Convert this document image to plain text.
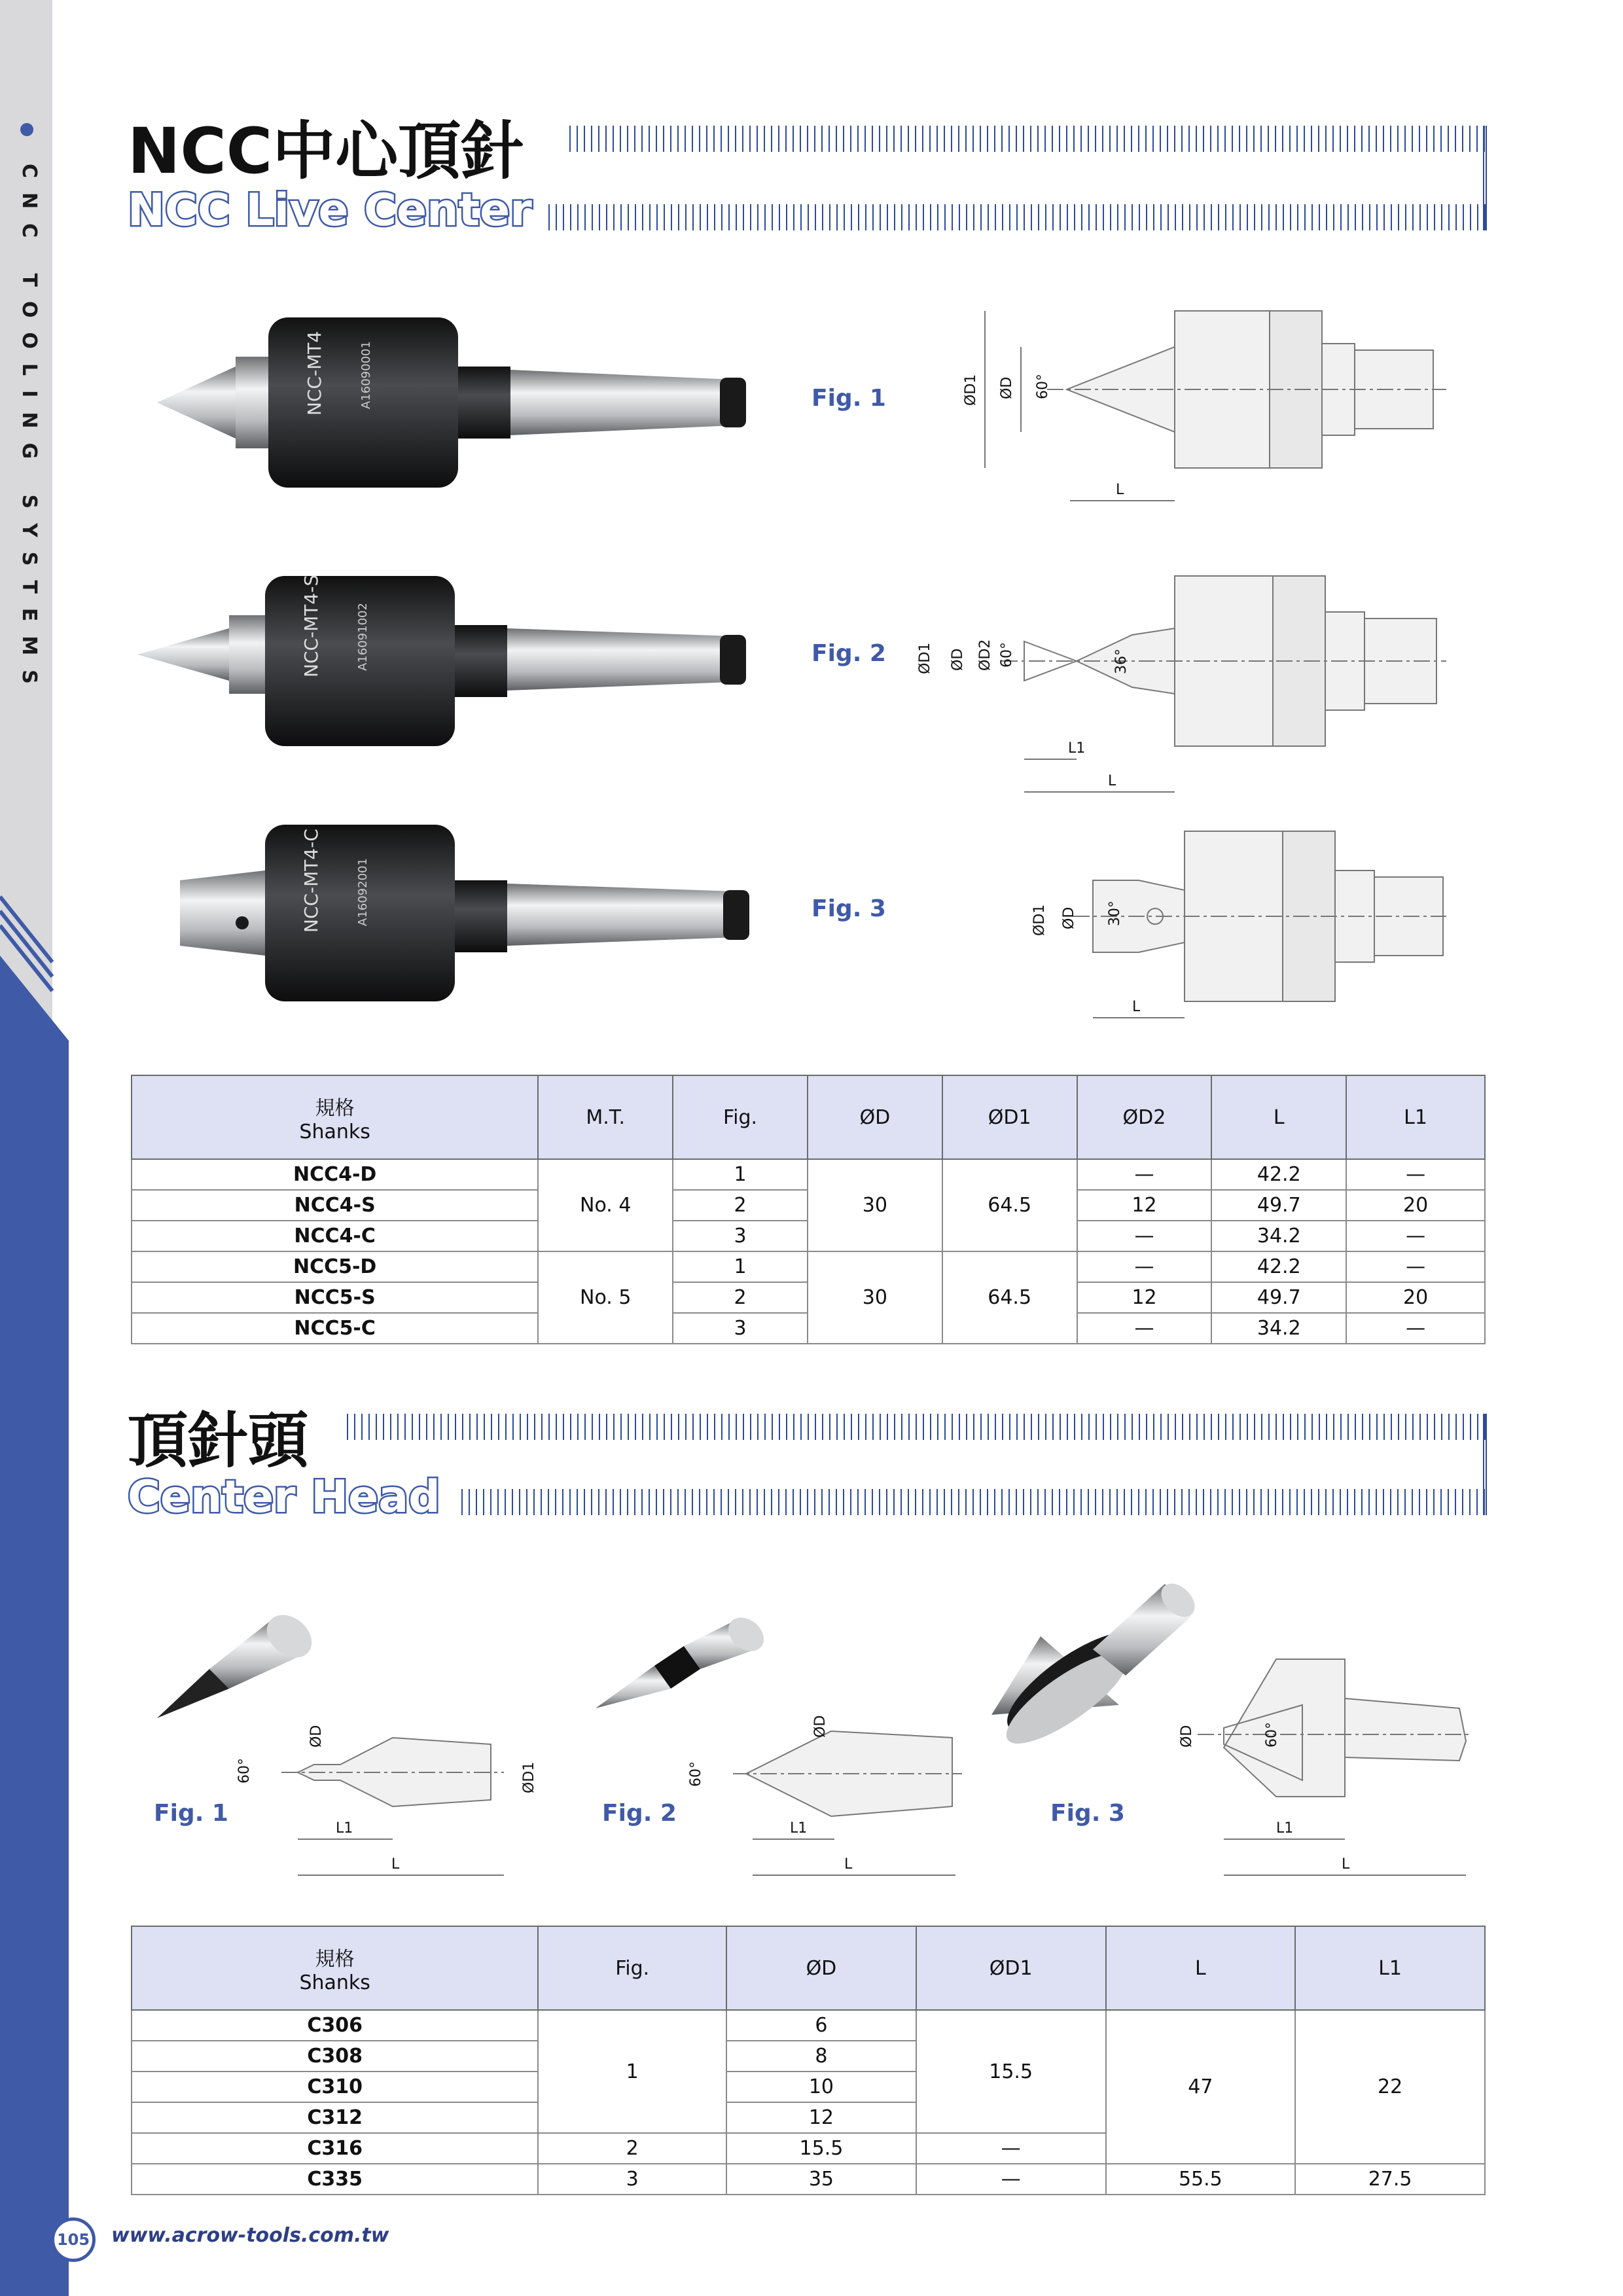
CNC TOOLING SYSTEMS
NCC中心頂針
NCC Live Center
NCC-MT4	A16090001
NCC-MT4-S	A16091002
NCC-MT4-C	A16092001
Fig. 1
Fig. 2
Fig. 3
ØD1 ØD 60°
L
ØD1 ØD ØD2 60°	36°
L1
L
ØD1 ØD 30°
L
規格
Shanks	M.T.	Fig.	ØD	ØD1	ØD2	L	L1
NCC4-D	No. 4	1	30	64.5	—	42.2	—
NCC4-S		2			12	49.7	20
NCC4-C		3			—	34.2	—
NCC5-D	No. 5	1	30	64.5	—	42.2	—
NCC5-S		2			12	49.7	20
NCC5-C		3			—	34.2	—
頂針頭
Center Head
Fig. 1	Fig. 2	Fig. 3
ØD
ØD1
60°
L1
L
ØD
60°
L1
L
ØD	60°
L1
L
規格
Shanks	Fig.	ØD	ØD1	L	L1
C306	1	6	15.5	47	22
C308		8			
C310		10			
C312		12			
C316	2	15.5	—		
C335	3	35	—	55.5	27.5
105 www.acrow-tools.com.tw
